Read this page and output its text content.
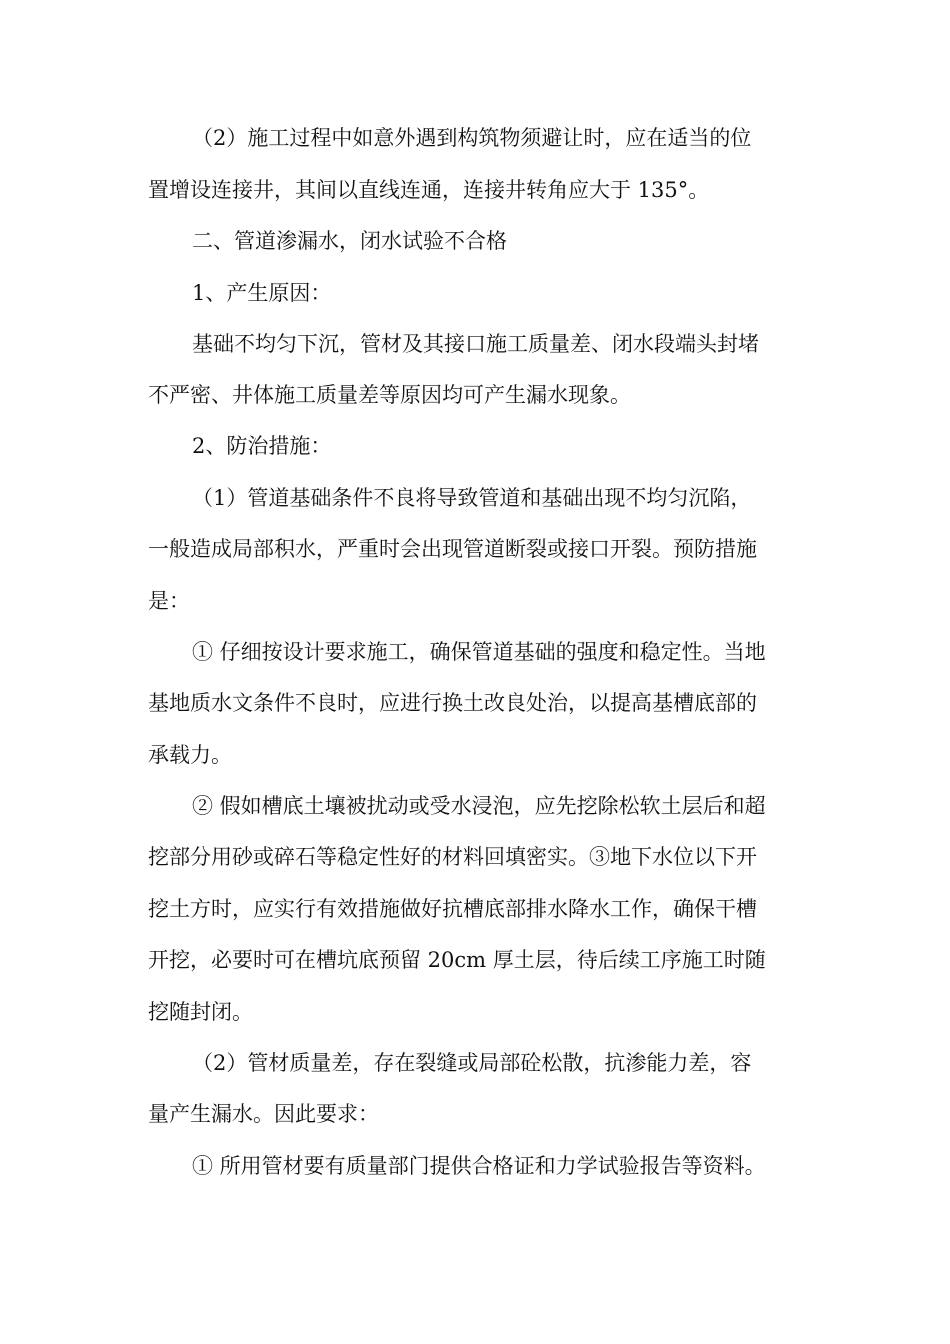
（2）施工过程中如意外遇到构筑物须避让时，应在适当的位
置增设连接井，其间以直线连通，连接井转角应大于 135°。
二、管道渗漏水，闭水试验不合格
1、产生原因：
基础不均匀下沉，管材及其接口施工质量差、闭水段端头封堵
不严密、井体施工质量差等原因均可产生漏水现象。
2、防治措施：
（1）管道基础条件不良将导致管道和基础出现不均匀沉陷，
一般造成局部积水，严重时会出现管道断裂或接口开裂。预防措施
是：
① 仔细按设计要求施工，确保管道基础的强度和稳定性。当地
基地质水文条件不良时，应进行换土改良处治，以提高基槽底部的
承载力。
② 假如槽底土壤被扰动或受水浸泡，应先挖除松软土层后和超
挖部分用砂或碎石等稳定性好的材料回填密实。③地下水位以下开
挖土方时，应实行有效措施做好抗槽底部排水降水工作，确保干槽
开挖，必要时可在槽坑底预留 20cm 厚土层，待后续工序施工时随
挖随封闭。
（2）管材质量差，存在裂缝或局部砼松散，抗渗能力差，容
量产生漏水。因此要求：
① 所用管材要有质量部门提供合格证和力学试验报告等资料。
